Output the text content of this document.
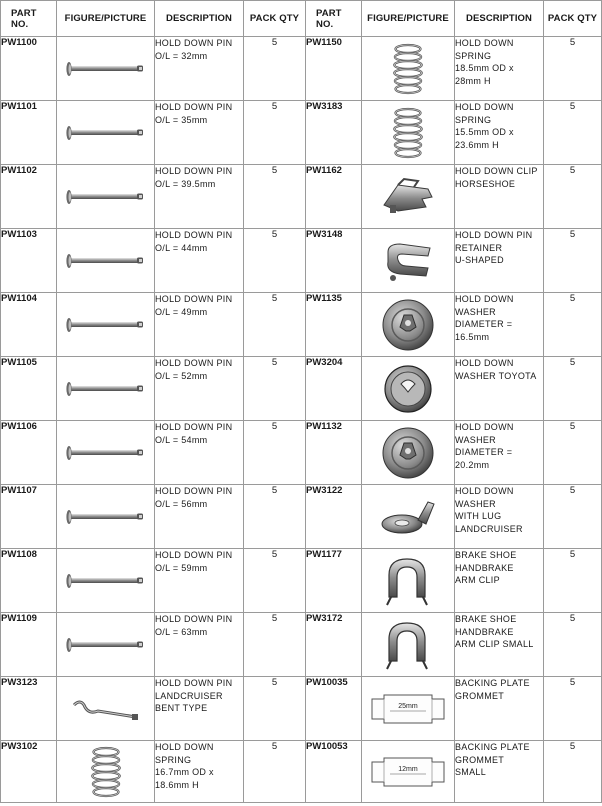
PART NO.	FIGURE/PICTURE	DESCRIPTION	PACK QTY	PART NO.	FIGURE/PICTURE	DESCRIPTION	PACK QTY
PW1100		HOLD DOWN PIN
O/L = 32mm	5	PW1150		HOLD DOWN
SPRING
18.5mm OD x
28mm H	5
PW1101		HOLD DOWN PIN
O/L = 35mm	5	PW3183		HOLD DOWN
SPRING
15.5mm OD x
23.6mm H	5
PW1102		HOLD DOWN PIN
O/L = 39.5mm	5	PW1162		HOLD DOWN CLIP
HORSESHOE	5
PW1103		HOLD DOWN PIN
O/L = 44mm	5	PW3148		HOLD DOWN PIN
RETAINER
U-SHAPED	5
PW1104		HOLD DOWN PIN
O/L = 49mm	5	PW1135		HOLD DOWN
WASHER
DIAMETER =
16.5mm	5
PW1105		HOLD DOWN PIN
O/L = 52mm	5	PW3204		HOLD DOWN
WASHER TOYOTA	5
PW1106		HOLD DOWN PIN
O/L = 54mm	5	PW1132		HOLD DOWN
WASHER
DIAMETER =
20.2mm	5
PW1107		HOLD DOWN PIN
O/L = 56mm	5	PW3122		HOLD DOWN
WASHER
WITH LUG
LANDCRUISER	5
PW1108		HOLD DOWN PIN
O/L = 59mm	5	PW1177		BRAKE SHOE
HANDBRAKE
ARM CLIP	5
PW1109		HOLD DOWN PIN
O/L = 63mm	5	PW3172		BRAKE SHOE
HANDBRAKE
ARM CLIP SMALL	5
PW3123		HOLD DOWN PIN
LANDCRUISER
BENT TYPE	5	PW10035	25mm	BACKING PLATE
GROMMET	5
PW3102		HOLD DOWN
SPRING
16.7mm OD x
18.6mm H	5	PW10053	12mm	BACKING PLATE
GROMMET
SMALL	5
